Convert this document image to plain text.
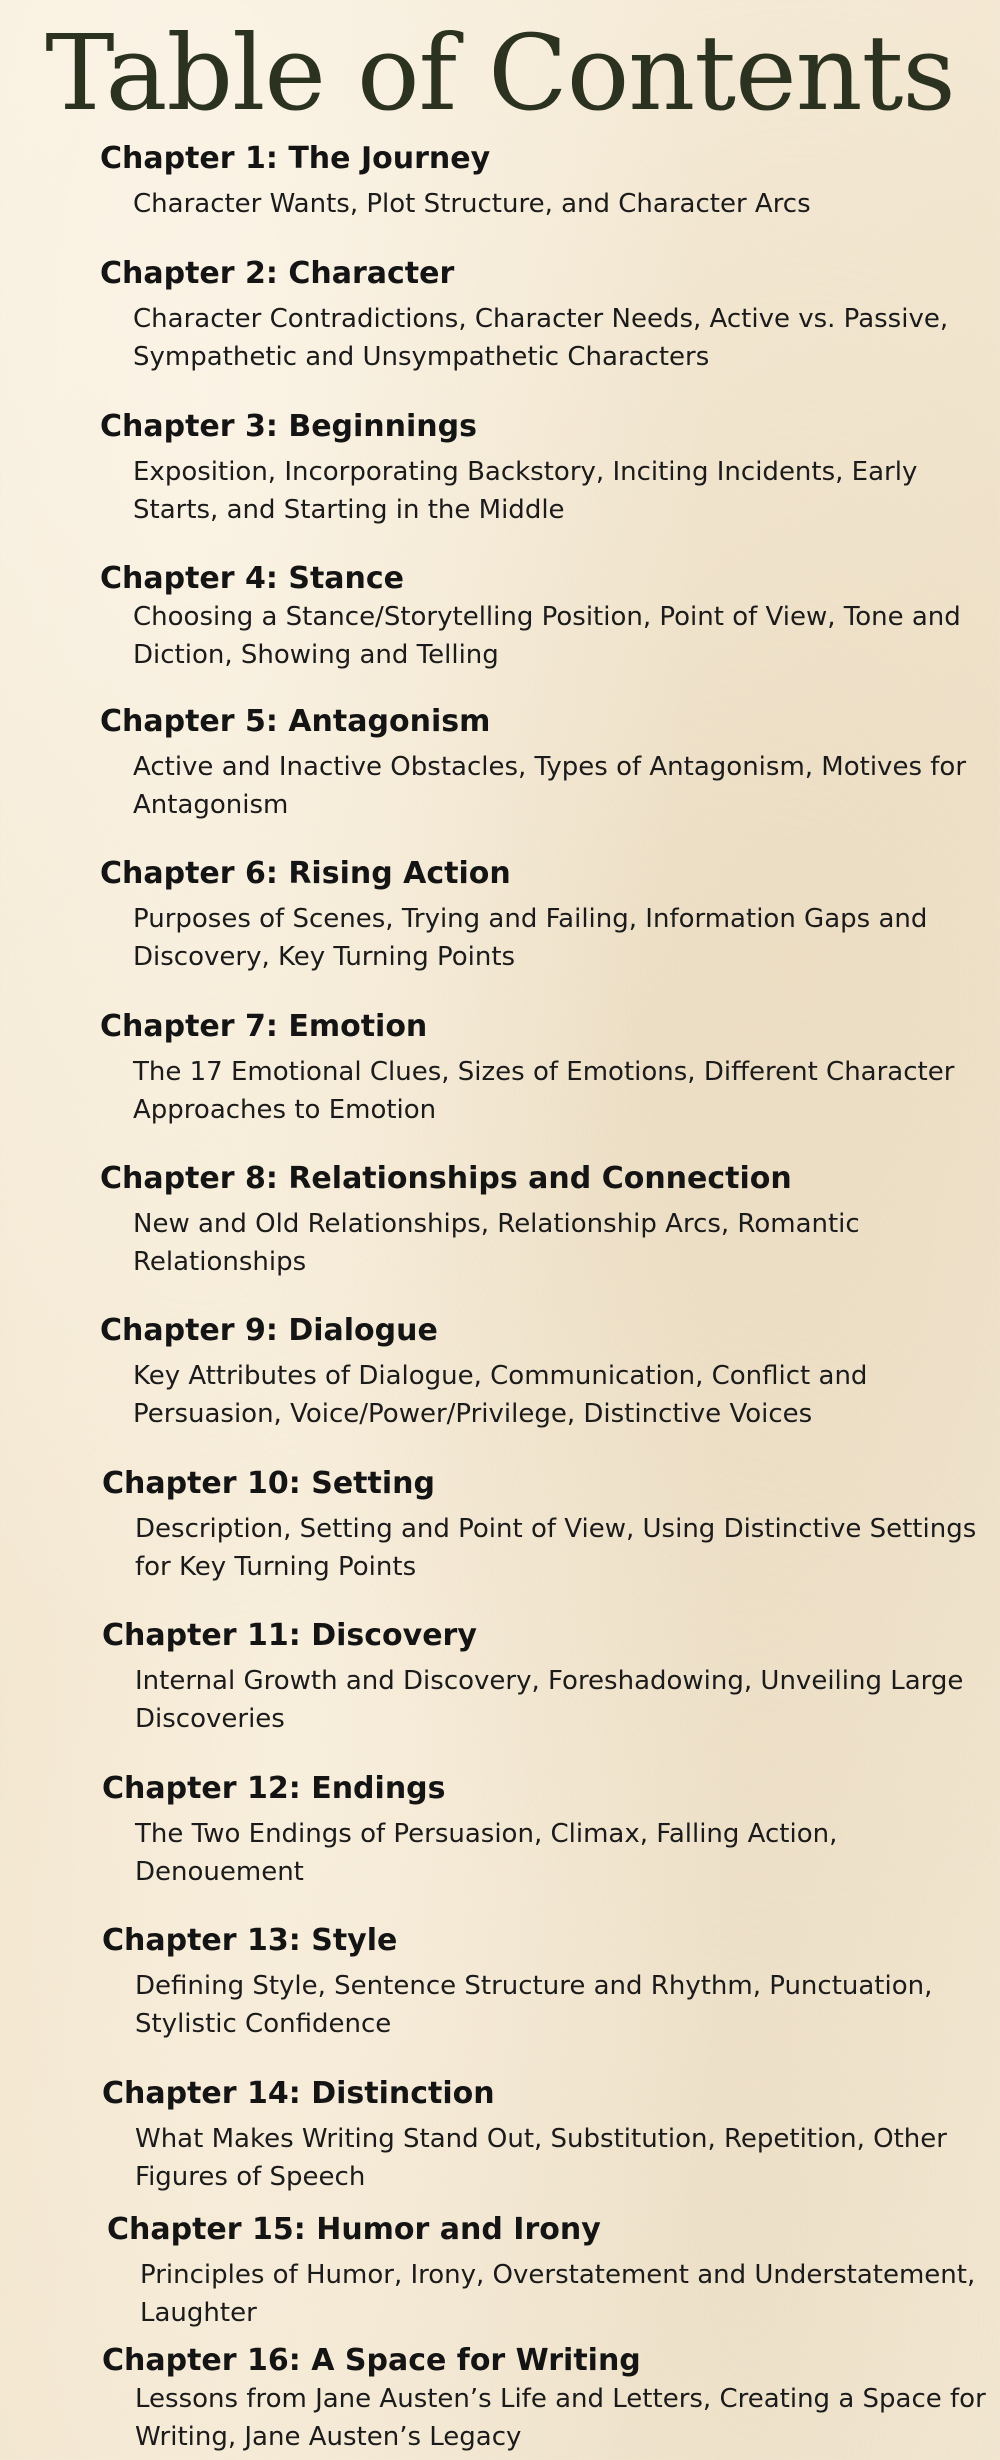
Table of Contents

Chapter 1: The Journey

Character Wants, Plot Structure, and Character Arcs

Chapter 2: Character

Character Contradictions, Character Needs, Active vs. Passive, Sympathetic and Unsympathetic Characters

Chapter 3: Beginnings

Exposition, Incorporating Backstory, Inciting Incidents, Early Starts, and Starting in the Middle

Chapter 4: Stance

Choosing a Stance/Storytelling Position, Point of View, Tone and Diction, Showing and Telling

Chapter 5: Antagonism

Active and Inactive Obstacles, Types of Antagonism, Motives for Antagonism

Chapter 6: Rising Action

Purposes of Scenes, Trying and Failing, Information Gaps and Discovery, Key Turning Points

Chapter 7: Emotion

The 17 Emotional Clues, Sizes of Emotions, Different Character Approaches to Emotion

Chapter 8: Relationships and Connection

New and Old Relationships, Relationship Arcs, Romantic Relationships

Chapter 9: Dialogue

Key Attributes of Dialogue, Communication, Conflict and Persuasion, Voice/Power/Privilege, Distinctive Voices

Chapter 10: Setting

Description, Setting and Point of View, Using Distinctive Settings for Key Turning Points

Chapter 11: Discovery

Internal Growth and Discovery, Foreshadowing, Unveiling Large Discoveries

Chapter 12: Endings

The Two Endings of Persuasion, Climax, Falling Action, Denouement

Chapter 13: Style

Defining Style, Sentence Structure and Rhythm, Punctuation, Stylistic Confidence

Chapter 14: Distinction

What Makes Writing Stand Out, Substitution, Repetition, Other Figures of Speech

Chapter 15: Humor and Irony

Principles of Humor, Irony, Overstatement and Understatement, Laughter

Chapter 16: A Space for Writing

Lessons from Jane Austen’s Life and Letters, Creating a Space for Writing, Jane Austen’s Legacy
